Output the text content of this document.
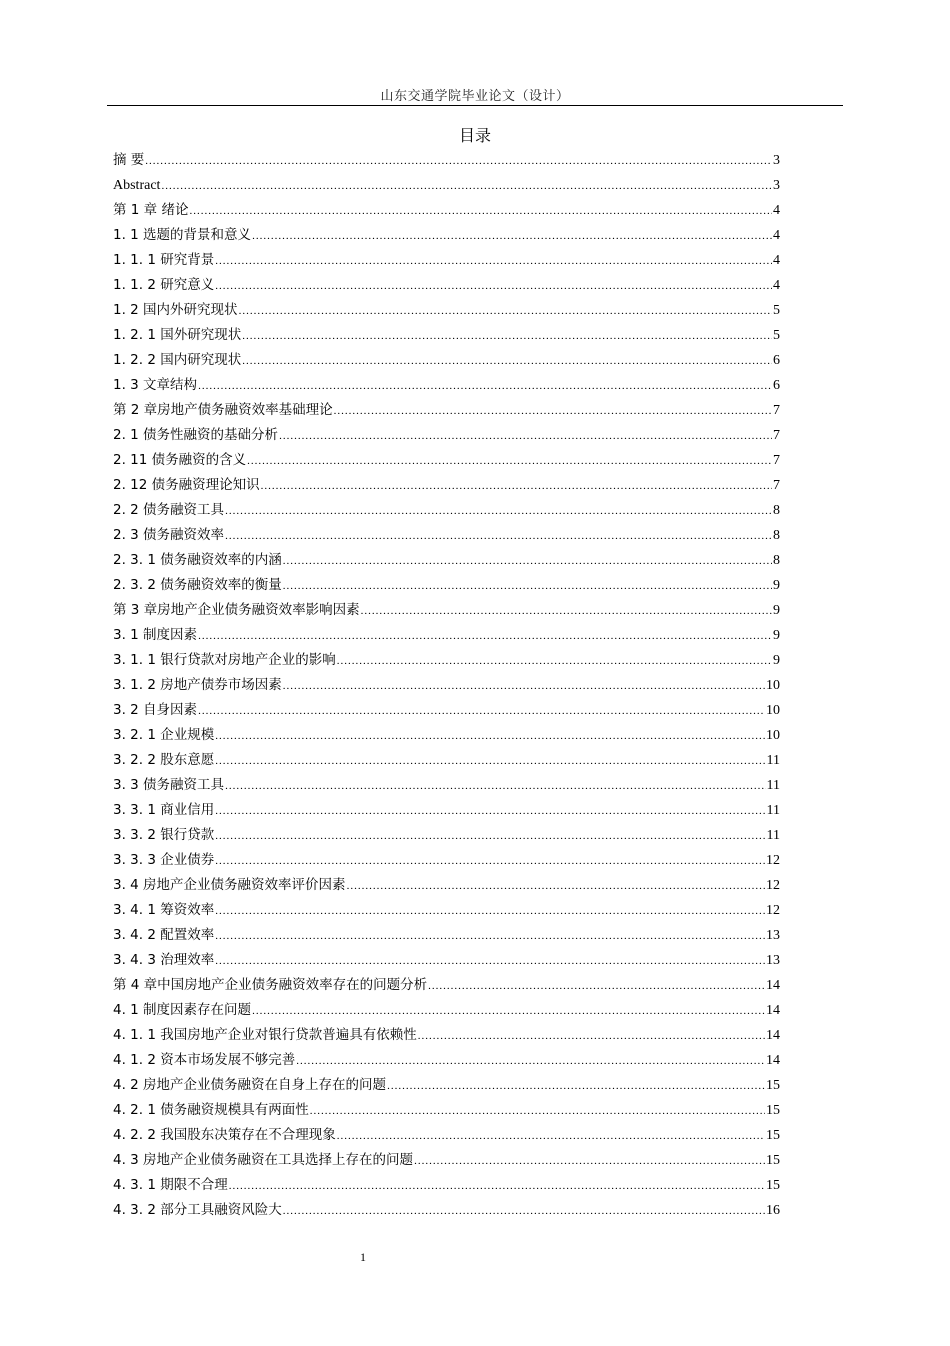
山东交通学院毕业论文（设计）
目录
摘 要 .....	3
Abstract .....	3
第 1 章 绪论 .....	4
1. 1 选题的背景和意义 .....	4
1. 1. 1 研究背景 .....	4
1. 1. 2 研究意义 .....	4
1. 2 国内外研究现状 .....	5
1. 2. 1 国外研究现状 .....	5
1. 2. 2 国内研究现状 .....	6
1. 3 文章结构 .....	6
第 2 章房地产债务融资效率基础理论 .....	7
2. 1 债务性融资的基础分析 .....	7
2. 11 债务融资的含义 .....	7
2. 12 债务融资理论知识 .....	7
2. 2 债务融资工具 .....	8
2. 3 债务融资效率 .....	8
2. 3. 1 债务融资效率的内涵 .....	8
2. 3. 2 债务融资效率的衡量 .....	9
第 3 章房地产企业债务融资效率影响因素 .....	9
3. 1 制度因素 .....	9
3. 1. 1 银行贷款对房地产企业的影响 .....	9
3. 1. 2 房地产债券市场因素 .....	10
3. 2 自身因素 .....	10
3. 2. 1 企业规模 .....	10
3. 2. 2 股东意愿 .....	11
3. 3 债务融资工具 .....	11
3. 3. 1 商业信用 .....	11
3. 3. 2 银行贷款 .....	11
3. 3. 3 企业债券 .....	12
3. 4 房地产企业债务融资效率评价因素 .....	12
3. 4. 1 筹资效率 .....	12
3. 4. 2 配置效率 .....	13
3. 4. 3 治理效率 .....	13
第 4 章中国房地产企业债务融资效率存在的问题分析 .....	14
4. 1 制度因素存在问题 .....	14
4. 1. 1 我国房地产企业对银行贷款普遍具有依赖性 .....	14
4. 1. 2 资本市场发展不够完善 .....	14
4. 2 房地产企业债务融资在自身上存在的问题 .....	15
4. 2. 1 债务融资规模具有两面性 .....	15
4. 2. 2 我国股东决策存在不合理现象 .....	15
4. 3 房地产企业债务融资在工具选择上存在的问题 .....	15
4. 3. 1 期限不合理 .....	15
4. 3. 2 部分工具融资风险大 .....	16
1
